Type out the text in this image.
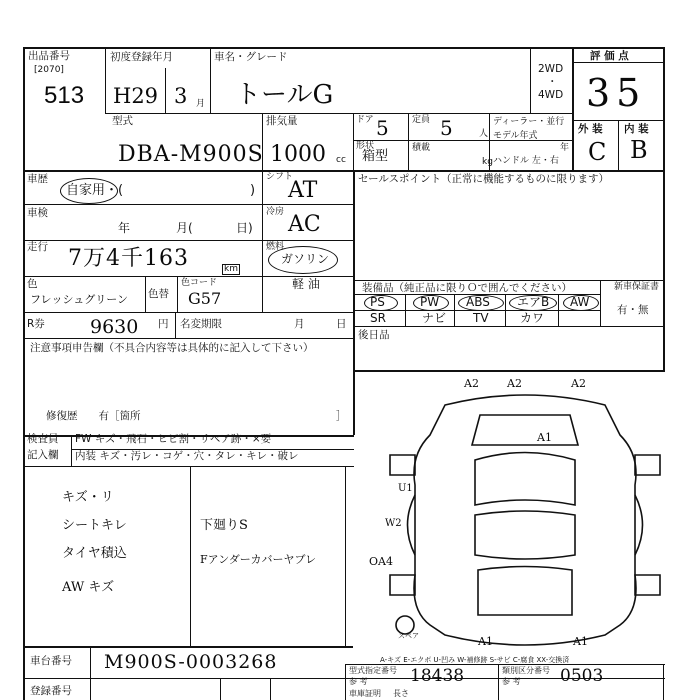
出品番号
[2070]
513
初度登録年月
H29 3 月
車名・グレード
トールG
2WD
・
4WD
評 価 点
35
型式
DBA-M900S
排気量
1000 cc
ドア 5	定員 5	人
ディーラー・並行
モデル年式
年
形状
箱型
積載
kg ハンドル 左・右
外 装 内 装
C B
車歴
自家用・(	)
シフト
AT	セールスポイント（正常に機能するものに限ります）
車検
年	月(	日)
冷房 AC
走行 7万4千163	km
燃料
ガソリン
軽 油
色
フレッシュグリーン 色替
色コード
G57
R券 9630 円 名変期限	月	日
装備品（純正品に限りＯで囲んでください）	新車保証書
有・無
PS	PW ABS エアB AW
SR	ナビ TV	カワ
後日品
注意事項申告欄（不具合内容等は具体的に記入して下さい）
修復歴　　有［箇所	］
検査員
記入欄
FW キズ・飛石・ヒビ割・リペア跡・×要
内装 キズ・汚レ・コゲ・穴・タレ・キレ・破レ
キズ・リ
シートキレ
タイヤ積込
AW キズ
下廻りS
Fアンダーカバーヤブレ
A2	A2	A2
A1
U1
W2
A1	A1
OA4
スペア
A-キズ E-エクボ U-凹み W-補修跡 S-サビ C-腐食 XX-交換済
車台番号 M900S-0003268
登録番号
型式指定番号
参 考 18438	類別区分番号
参 考 0503
車庫証明 長さ
